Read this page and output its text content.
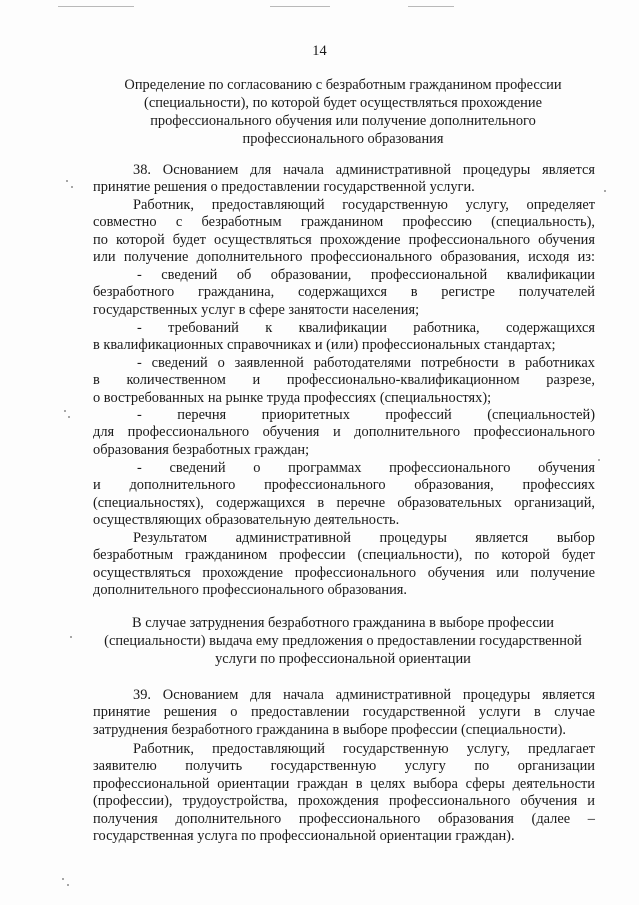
14
Определение по согласованию с безработным гражданином профессии
(специальности), по которой будет осуществляться прохождение
профессионального обучения или получение дополнительного
профессионального образования
38. Основанием для начала административной процедуры является
принятие решения о предоставлении государственной услуги.
Работник, предоставляющий государственную услугу, определяет
совместно с безработным гражданином профессию (специальность),
по которой будет осуществляться прохождение профессионального обучения
или получение дополнительного профессионального образования, исходя из:
- сведений об образовании, профессиональной квалификации
безработного гражданина, содержащихся в регистре получателей
государственных услуг в сфере занятости населения;
- требований к квалификации работника, содержащихся
в квалификационных справочниках и (или) профессиональных стандартах;
- сведений о заявленной работодателями потребности в работниках
в количественном и профессионально-квалификационном разрезе,
о востребованных на рынке труда профессиях (специальностях);
- перечня приоритетных профессий (специальностей)
для профессионального обучения и дополнительного профессионального
образования безработных граждан;
- сведений о программах профессионального обучения
и дополнительного профессионального образования, профессиях
(специальностях), содержащихся в перечне образовательных организаций,
осуществляющих образовательную деятельность.
Результатом административной процедуры является выбор
безработным гражданином профессии (специальности), по которой будет
осуществляться прохождение профессионального обучения или получение
дополнительного профессионального образования.
В случае затруднения безработного гражданина в выборе профессии
(специальности) выдача ему предложения о предоставлении государственной
услуги по профессиональной ориентации
39. Основанием для начала административной процедуры является
принятие решения о предоставлении государственной услуги в случае
затруднения безработного гражданина в выборе профессии (специальности).
Работник, предоставляющий государственную услугу, предлагает
заявителю получить государственную услугу по организации
профессиональной ориентации граждан в целях выбора сферы деятельности
(профессии), трудоустройства, прохождения профессионального обучения и
получения дополнительного профессионального образования (далее –
государственная услуга по профессиональной ориентации граждан).
